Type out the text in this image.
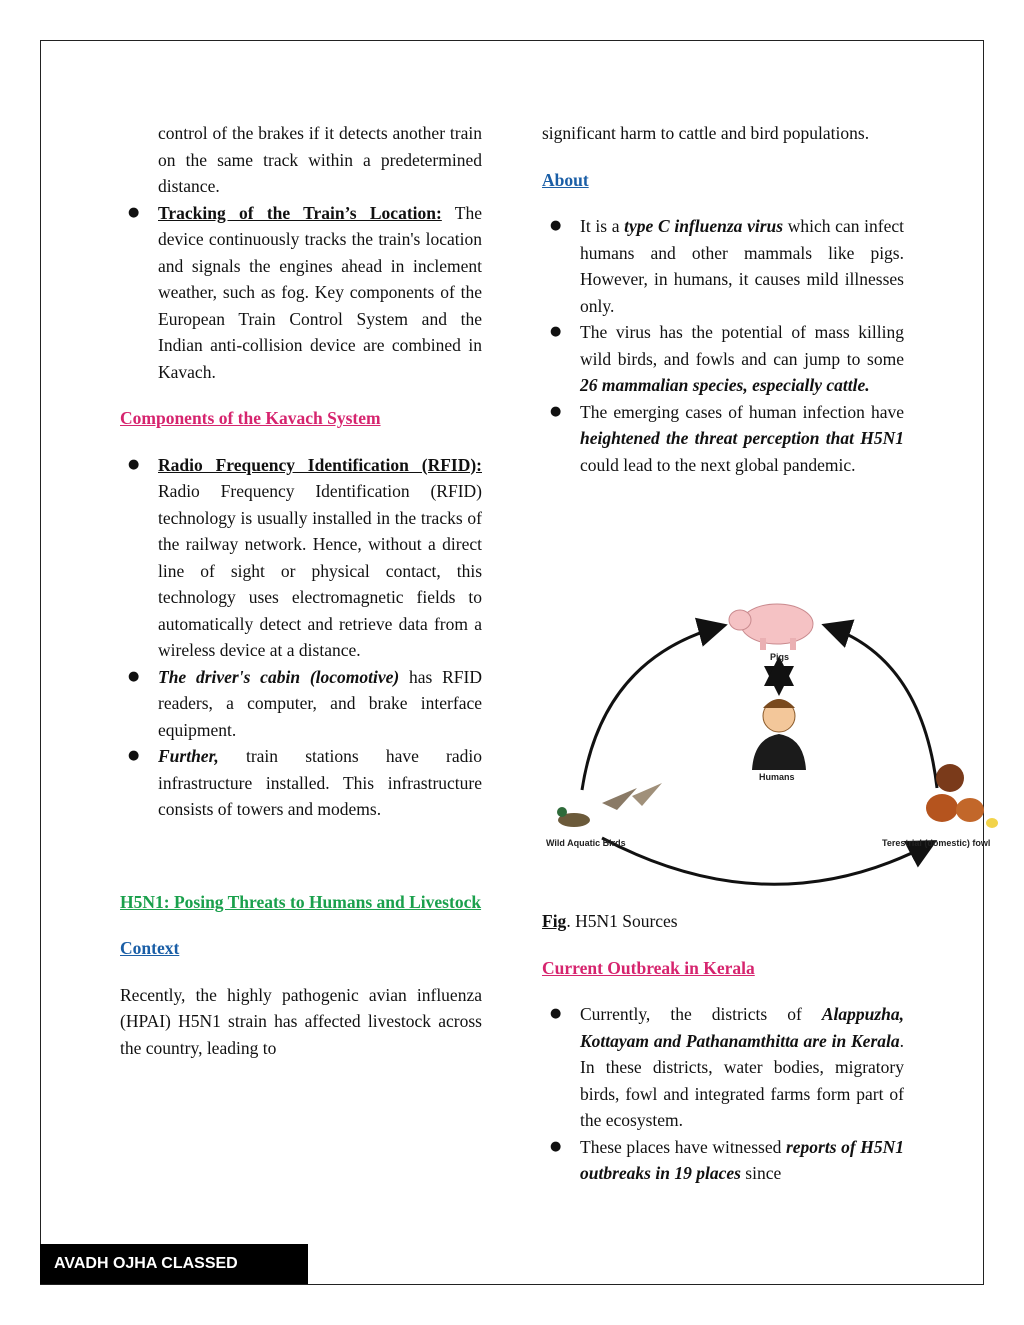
control of the brakes if it detects another train on the same track within a predetermined distance.

● Tracking of the Train’s Location: The device continuously tracks the train's location and signals the engines ahead in inclement weather, such as fog. Key components of the European Train Control System and the Indian anti-collision device are combined in Kavach.

Components of the Kavach System

● Radio Frequency Identification (RFID): Radio Frequency Identification (RFID) technology is usually installed in the tracks of the railway network. Hence, without a direct line of sight or physical contact, this technology uses electromagnetic fields to automatically detect and retrieve data from a wireless device at a distance.
● The driver's cabin (locomotive) has RFID readers, a computer, and brake interface equipment.
● Further, train stations have radio infrastructure installed. This infrastructure consists of towers and modems.

H5N1: Posing Threats to Humans and Livestock

Context

Recently, the highly pathogenic avian influenza (HPAI) H5N1 strain has affected livestock across the country, leading to

significant harm to cattle and bird populations.

About

● It is a type C influenza virus which can infect humans and other mammals like pigs. However, in humans, it causes mild illnesses only.
● The virus has the potential of mass killing wild birds, and fowls and can jump to some 26 mammalian species, especially cattle.
● The emerging cases of human infection have heightened the threat perception that H5N1 could lead to the next global pandemic.
Pigs
Humans
Wild Aquatic Birds	Terestrial (domestic) fowl

Fig. H5N1 Sources

Current Outbreak in Kerala

● Currently, the districts of Alappuzha, Kottayam and Pathanamthitta are in Kerala. In these districts, water bodies, migratory birds, fowl and integrated farms form part of the ecosystem.
● These places have witnessed reports of H5N1 outbreaks in 19 places since
AVADH OJHA CLASSED
